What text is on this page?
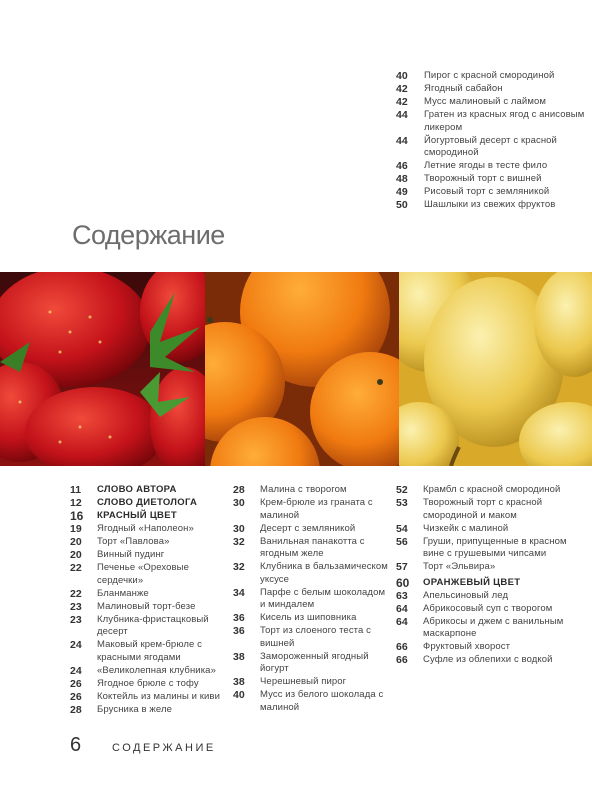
40	Пирог с красной смородиной
42	Ягодный сабайон
42	Мусс малиновый с лаймом
44	Гратен из красных ягод с анисовым ликером
44	Йогуртовый десерт с красной смородиной
46	Летние ягоды в тесте фило
48	Творожный торт с вишней
49	Рисовый торт с земляникой
50	Шашлыки из свежих фруктов
Содержание
11	СЛОВО АВТОРА
12	СЛОВО ДИЕТОЛОГА
16	КРАСНЫЙ ЦВЕТ
19	Ягодный «Наполеон»
20	Торт «Павлова»
20	Винный пудинг
22	Печенье «Ореховые сердечки»
22	Бланманже
23	Малиновый торт-безе
23	Клубника-фристацковый десерт
24	Маковый крем-брюле с красными ягодами
24	«Великолепная клубника»
26	Ягодное брюле с тофу
26	Коктейль из малины и киви
28	Брусника в желе
28	Малина с творогом
30	Крем-брюле из граната с малиной
30	Десерт с земляникой
32	Ванильная панакотта с ягодным желе
32	Клубника в бальзамическом уксусе
34	Парфе с белым шоколадом и миндалем
36	Кисель из шиповника
36	Торт из слоеного теста с вишней
38	Замороженный ягодный йогурт
38	Черешневый пирог
40	Мусс из белого шоколада с малиной
52	Крамбл с красной смородиной
53	Творожный торт с красной смородиной и маком
54	Чизкейк с малиной
56	Груши, припущенные в красном вине с грушевыми чипсами
57	Торт «Эльвира»
60	ОРАНЖЕВЫЙ ЦВЕТ
63	Апельсиновый лед
64	Абрикосовый суп с творогом
64	Абрикосы и джем с ванильным маскарпоне
66	Фруктовый хворост
66	Суфле из облепихи с водкой
6	СОДЕРЖАНИЕ
